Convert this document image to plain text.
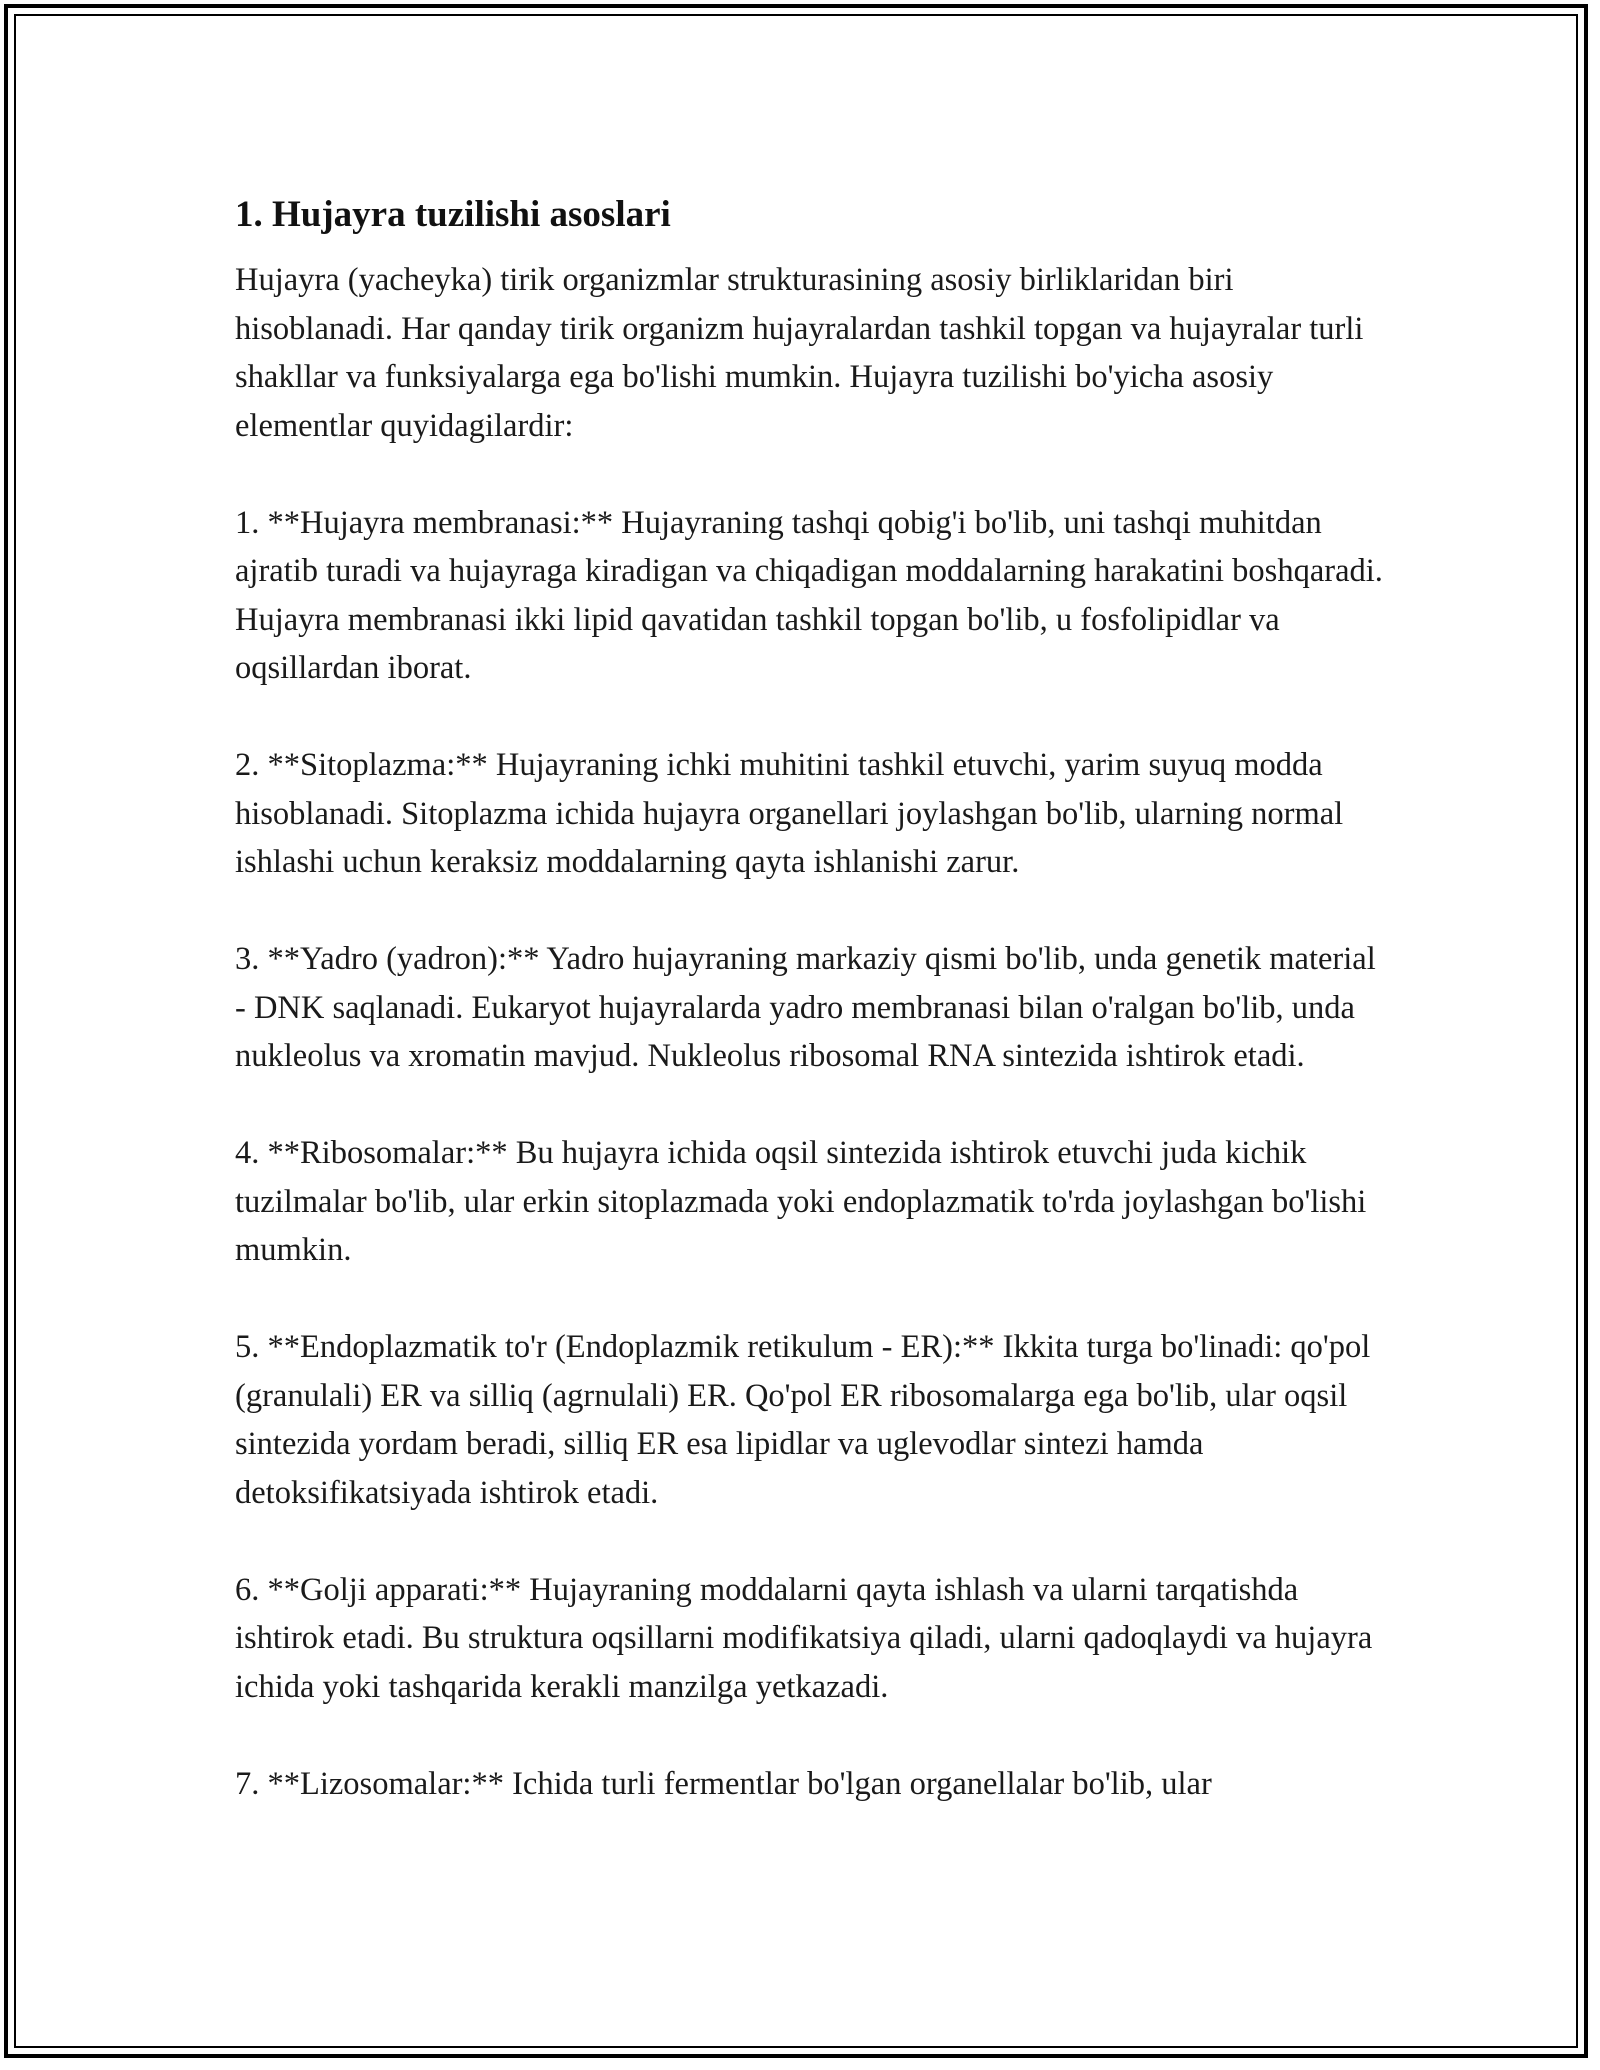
1. Hujayra tuzilishi asoslari

Hujayra (yacheyka) tirik organizmlar strukturasining asosiy birliklaridan biri hisoblanadi. Har qanday tirik organizm hujayralardan tashkil topgan va hujayralar turli shakllar va funksiyalarga ega bo'lishi mumkin. Hujayra tuzilishi bo'yicha asosiy elementlar quyidagilardir:

1. **Hujayra membranasi:** Hujayraning tashqi qobig'i bo'lib, uni tashqi muhitdan ajratib turadi va hujayraga kiradigan va chiqadigan moddalarning harakatini boshqaradi. Hujayra membranasi ikki lipid qavatidan tashkil topgan bo'lib, u fosfolipidlar va oqsillardan iborat.

2. **Sitoplazma:** Hujayraning ichki muhitini tashkil etuvchi, yarim suyuq modda hisoblanadi. Sitoplazma ichida hujayra organellari joylashgan bo'lib, ularning normal ishlashi uchun keraksiz moddalarning qayta ishlanishi zarur.

3. **Yadro (yadron):** Yadro hujayraning markaziy qismi bo'lib, unda genetik material - DNK saqlanadi. Eukaryot hujayralarda yadro membranasi bilan o'ralgan bo'lib, unda nukleolus va xromatin mavjud. Nukleolus ribosomal RNA sintezida ishtirok etadi.

4. **Ribosomalar:** Bu hujayra ichida oqsil sintezida ishtirok etuvchi juda kichik tuzilmalar bo'lib, ular erkin sitoplazmada yoki endoplazmatik to'rda joylashgan bo'lishi mumkin.

5. **Endoplazmatik to'r (Endoplazmik retikulum - ER):** Ikkita turga bo'linadi: qo'pol (granulali) ER va silliq (agrnulali) ER. Qo'pol ER ribosomalarga ega bo'lib, ular oqsil sintezida yordam beradi, silliq ER esa lipidlar va uglevodlar sintezi hamda detoksifikatsiyada ishtirok etadi.

6. **Golji apparati:** Hujayraning moddalarni qayta ishlash va ularni tarqatishda ishtirok etadi. Bu struktura oqsillarni modifikatsiya qiladi, ularni qadoqlaydi va hujayra ichida yoki tashqarida kerakli manzilga yetkazadi.

7. **Lizosomalar:** Ichida turli fermentlar bo'lgan organellalar bo'lib, ular
